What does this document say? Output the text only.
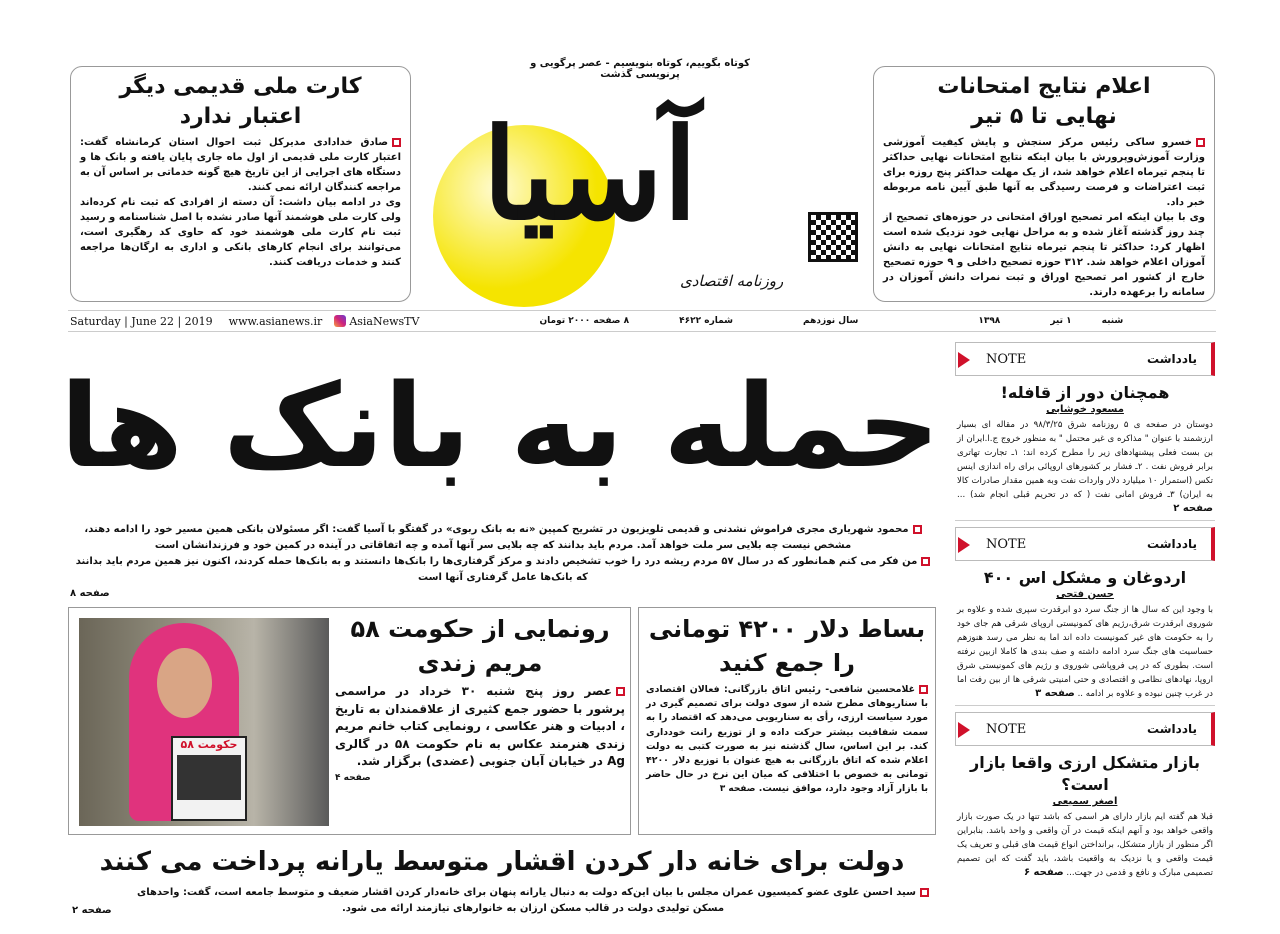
کوتاه بگوییم، کوتاه بنویسیم - عصر پرگویی و پرنویسی گذشت
آسیا
روزنامه اقتصادی
کارت ملی قدیمی دیگر اعتبار ندارد

صادق خدادادی مدیرکل ثبت احوال استان کرمانشاه گفت: اعتبار کارت ملی قدیمی از اول ماه جاری پایان یافته و بانک ها و دستگاه های اجرایی از این تاریخ هیچ گونه خدماتی بر اساس آن به مراجعه کنندگان ارائه نمی کنند.

وی در ادامه بیان داشت: آن دسته از افرادی که ثبت نام کرده‌اند ولی کارت ملی هوشمند آنها صادر نشده با اصل شناسنامه و رسید ثبت نام کارت ملی هوشمند خود که حاوی کد رهگیری است، می‌توانند برای انجام کارهای بانکی و اداری به ارگان‌ها مراجعه کنند و خدمات دریافت کنند.

اعلام نتایج امتحانات نهایی تا ۵ تیر

خسرو ساکی رئیس مرکز سنجش و پایش کیفیت آموزشی وزارت آموزش‌وپرورش با بیان اینکه نتایج امتحانات نهایی حداکثر تا پنجم تیرماه اعلام خواهد شد، از یک مهلت حداکثر پنج روزه برای ثبت اعتراضات و فرصت رسیدگی به آنها طبق آیین نامه مربوطه خبر داد.

وی با بیان اینکه امر تصحیح اوراق امتحانی در حوزه‌های تصحیح از چند روز گذشته آغاز شده و به مراحل نهایی خود نزدیک شده است اظهار کرد: حداکثر تا پنجم تیرماه نتایج امتحانات نهایی به دانش آموزان اعلام خواهد شد. ۳۱۲ حوزه تصحیح داخلی و ۹ حوزه تصحیح خارج از کشور امر تصحیح اوراق و ثبت نمرات دانش آموزان در سامانه را برعهده دارند.

Saturday | June 22 | 2019 www.asianews.ir AsiaNewsTV	۸ صفحه ۲۰۰۰ تومان	شماره ۴۶۲۲	سال نوزدهم	۱۳۹۸	۱ تیر	شنبه
حمله به بانک ها

محمود شهریاری مجری فراموش نشدنی و قدیمی تلویزیون در تشریح کمپین «نه به بانک ربوی» در گفتگو با آسیا گفت: اگر مسئولان بانکی همین مسیر خود را ادامه دهند، مشخص نیست چه بلایی سر ملت خواهد آمد. مردم باید بدانند که چه بلایی سر آنها آمده و چه اتفاقاتی در آینده در کمین خود و فرزندانشان است

من فکر می کنم همانطور که در سال ۵۷ مردم ریشه درد را خوب تشخیص دادند و مرکز گرفتاری‌ها را بانک‌ها دانستند و به بانک‌ها حمله کردند، اکنون نیز همین مردم باید بدانند که بانک‌ها عامل گرفتاری آنها است

صفحه ۸

حکومت ۵۸
رونمایی از حکومت ۵۸ مریم زندی

عصر روز پنج شنبه ۳۰ خرداد در مراسمی پرشور با حضور جمع کثیری از علاقمندان به تاریخ ، ادبیات و هنر عکاسی ، رونمایی کتاب خانم مریم زندی هنرمند عکاس به نام حکومت ۵۸ در گالری Ag در خیابان آبان جنوبی (عضدی) برگزار شد.

صفحه ۴

بساط دلار ۴۲۰۰ تومانی را جمع کنید

غلامحسین شافعی- رئیس اتاق بازرگانی: فعالان اقتصادی با سناریوهای مطرح شده از سوی دولت برای تصمیم گیری در مورد سیاست ارزی، رأی به سناریویی می‌دهد که اقتصاد را به سمت شفافیت بیشتر حرکت داده و از توزیع رانت خودداری کند. بر این اساس، سال گذشته نیز به صورت کتبی به دولت اعلام شده که اتاق بازرگانی به هیچ عنوان با توزیع دلار ۴۲۰۰ تومانی به خصوص با اختلافی که میان این نرخ در حال حاضر با بازار آزاد وجود دارد، موافق نیست. صفحه ۳

دولت برای خانه دار کردن اقشار متوسط یارانه پرداخت می کنند
سید احسن علوی عضو کمیسیون عمران مجلس با بیان این‌که دولت به دنبال یارانه پنهان برای خانه‌دار کردن اقشار ضعیف و متوسط جامعه است، گفت: واحدهای مسکن تولیدی دولت در قالب مسکن ارزان به خانوارهای نیازمند ارائه می شود.
صفحه ۲
NOTE	یادداشت
همچنان دور از قافله!
مسعود خوشابی
دوستان در صفحه ی ۵ روزنامه شرق ۹۸/۳/۲۵ در مقاله ای بسیار ارزشمند با عنوان " مذاکره ی غیر محتمل " به منظور خروج ج.ا.ایران از بن بست فعلی پیشنهادهای زیر را مطرح کرده اند: ۱ـ تجارت تهاتری برابر فروش نفت . ۲ـ فشار بر کشورهای اروپائی برای راه اندازی اینس تکس (استمرار ۱۰ میلیارد دلار واردات نفت وبه همین مقدار صادرات کالا به ایران) ۳ـ فروش امانی نفت ( که در تحریم قبلی انجام شد) ... صفحه ۲
NOTE	یادداشت
اردوغان و مشکل اس ۴۰۰
حسن فتحی
با وجود این که سال ها از جنگ سرد دو ابرقدرت سپری شده و علاوه بر شوروی ابرقدرت شرق،رژیم های کمونیستی اروپای شرقی هم جای خود را به حکومت های غیر کمونیست داده اند اما به نظر می رسد هنوزهم حساسیت های جنگ سرد ادامه داشته و صف بندی ها کاملا ازبین نرفته است. بطوری که در پی فروپاشی شوروی و رژیم های کمونیستی شرق اروپا، نهادهای نظامی و اقتصادی و حتی امنیتی شرقی ها از بین رفت اما در غرب چنین نبوده و علاوه بر ادامه .. صفحه ۳
NOTE	یادداشت
بازار متشکل ارزی واقعا بازار است؟
اصغر سمیعی
قبلا هم گفته ایم بازار دارای هر اسمی که باشد تنها در یک صورت بازار واقعی خواهد بود و آنهم اینکه قیمت در آن واقعی و واحد باشد. بنابراین اگر منظور از بازار متشکل، برانداختن انواع قیمت های قبلی و تعریف یک قیمت واقعی و یا نزدیک به واقعیت باشد، باید گفت که این تصمیم تصمیمی مبارک و نافع و قدمی در جهت... صفحه ۶
